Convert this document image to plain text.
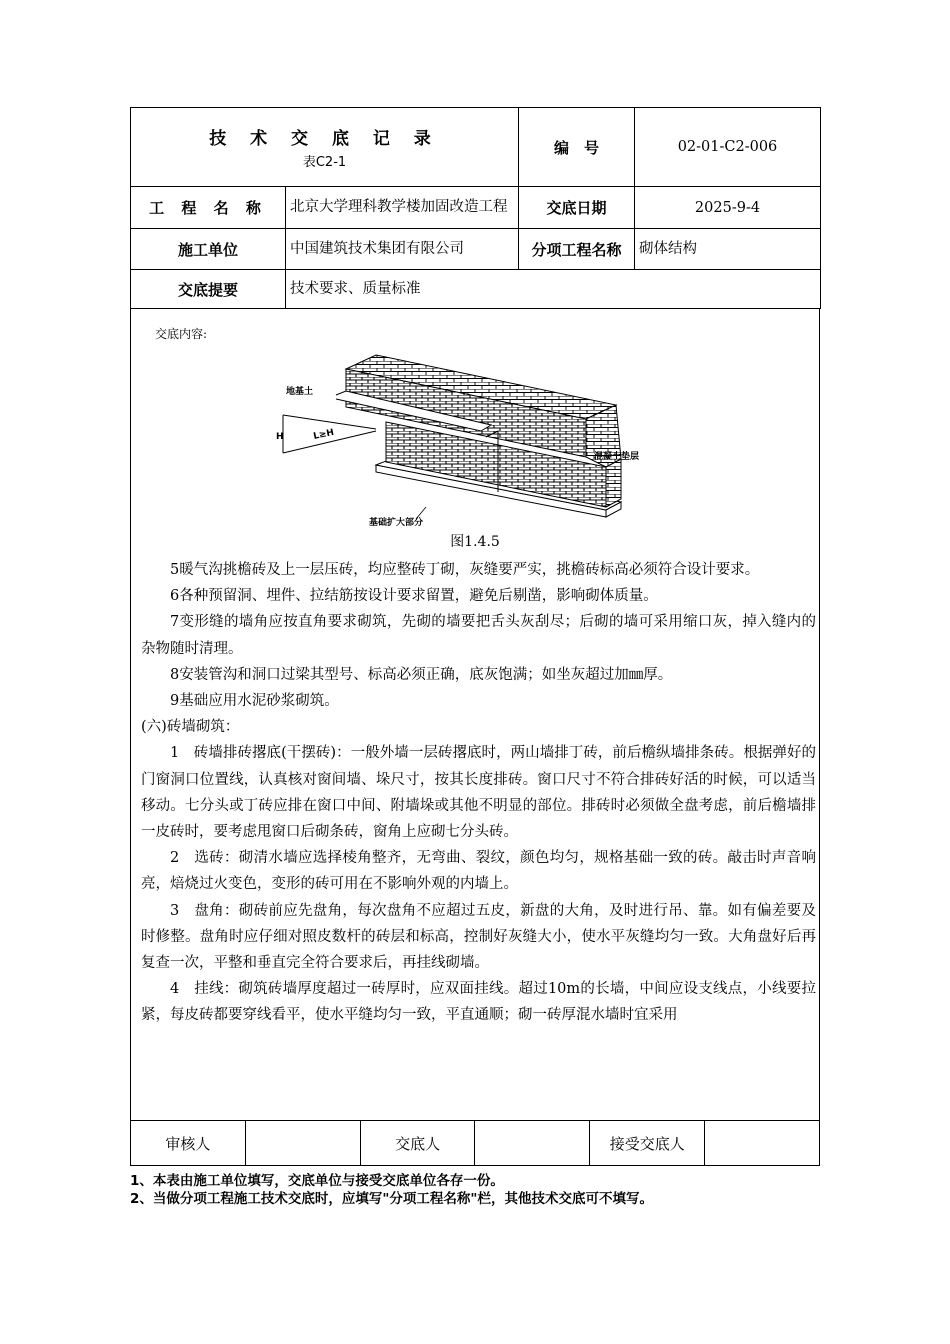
技 术 交 底 记 录
表C2-1		编　号	02-01-C2-006
工 程 名 称	北京大学理科教学楼加固改造工程	交底日期	2025-9-4
施工单位	中国建筑技术集团有限公司	分项工程名称	砌体结构
交底提要	技术要求、质量标准		
交底内容:
H	L≥H
地基土
混凝土垫层
基础扩大部分
图1.4.5

5暖气沟挑檐砖及上一层压砖，均应整砖丁砌，灰缝要严实，挑檐砖标高必须符合设计要求。

6各种预留洞、埋件、拉结筋按设计要求留置，避免后剔凿，影响砌体质量。

7变形缝的墙角应按直角要求砌筑，先砌的墙要把舌头灰刮尽；后砌的墙可采用缩口灰，掉入缝内的杂物随时清理。

8安装管沟和洞口过梁其型号、标高必须正确，底灰饱满；如坐灰超过加㎜厚。

9基础应用水泥砂浆砌筑。

(六)砖墙砌筑：

1　砖墙排砖撂底(干摆砖)：一般外墙一层砖撂底时，两山墙排丁砖，前后檐纵墙排条砖。根据弹好的门窗洞口位置线，认真核对窗间墙、垛尺寸，按其长度排砖。窗口尺寸不符合排砖好活的时候，可以适当移动。七分头或丁砖应排在窗口中间、附墙垛或其他不明显的部位。排砖时必须做全盘考虑，前后檐墙排一皮砖时，要考虑甩窗口后砌条砖，窗角上应砌七分头砖。

2　选砖：砌清水墙应选择棱角整齐，无弯曲、裂纹，颜色均匀，规格基础一致的砖。敲击时声音响亮，焙烧过火变色，变形的砖可用在不影响外观的内墙上。

3　盘角：砌砖前应先盘角，每次盘角不应超过五皮，新盘的大角，及时进行吊、靠。如有偏差要及时修整。盘角时应仔细对照皮数杆的砖层和标高，控制好灰缝大小，使水平灰缝均匀一致。大角盘好后再复查一次，平整和垂直完全符合要求后，再挂线砌墙。

4　挂线：砌筑砖墙厚度超过一砖厚时，应双面挂线。超过10m的长墙，中间应设支线点，小线要拉紧，每皮砖都要穿线看平，使水平缝均匀一致，平直通顺；砌一砖厚混水墙时宜采用

审核人		交底人		接受交底人	
1、本表由施工单位填写，交底单位与接受交底单位各存一份。
2、当做分项工程施工技术交底时，应填写"分项工程名称"栏，其他技术交底可不填写。
